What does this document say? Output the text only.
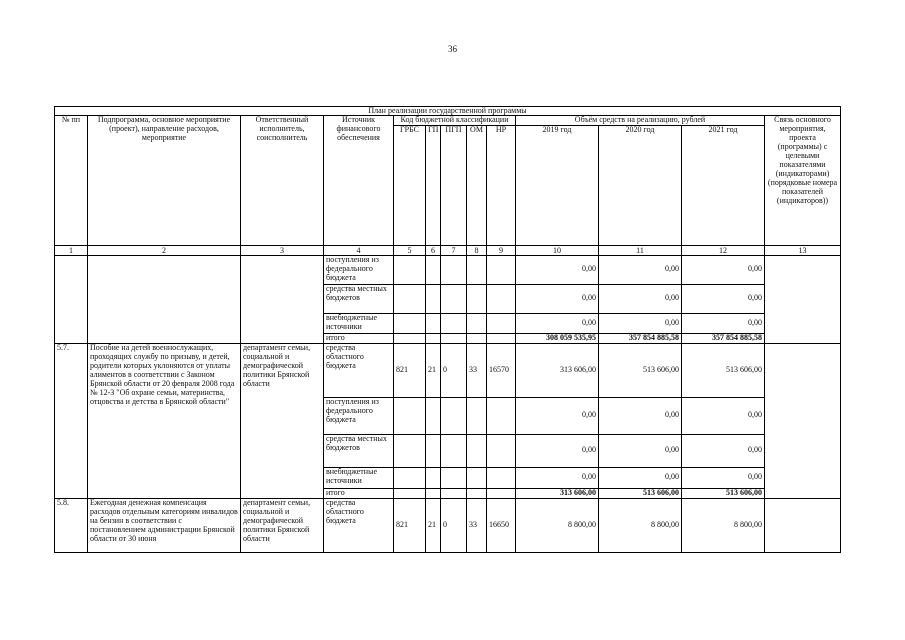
36
План реализации государственной программы												
№ пп	Подпрограмма, основное мероприятие (проект), направление расходов, мероприятие	Ответственный исполнитель, соисполнитель	Источник финансового обеспечения	Код бюджетной классификации					Объём средств на реализацию, рублей			Связь основного мероприятия, проекта (программы) с целевыми показателями (индикаторами) (порядковые номера показателей (индикаторов))
				ГРБС	ГП	ПГП	ОМ	НР	2019 год	2020 год	2021 год	
1	2	3	4	5	6	7	8	9	10	11	12	13
			поступления из федерального бюджета						0,00	0,00	0,00	
			средства местных бюджетов						0,00	0,00	0,00	
			внебюджетные источники						0,00	0,00	0,00	
			итого						308 059 535,95	357 854 885,58	357 854 885,58	
5.7.	Пособие на детей военнослужащих, проходящих службу по призыву, и детей, родители которых уклоняются от уплаты алиментов в соответствии с Законом Брянской области от 20 февраля 2008 года № 12-З "Об охране семьи, материнства, отцовства и детства в Брянской области"	департамент семьи, социальной и демографической политики Брянской области	средства областного бюджета	821	21	0	33	16570	313 606,00	513 606,00	513 606,00	
			поступления из федерального бюджета						0,00	0,00	0,00	
			средства местных бюджетов						0,00	0,00	0,00	
			внебюджетные источники						0,00	0,00	0,00	
			итого						313 606,00	513 606,00	513 606,00	
5.8.	Ежегодная денежная компенсация расходов отдельным категориям инвалидов на бензин в соответствии с постановлением администрации Брянской области от 30 июня	департамент семьи, социальной и демографической политики Брянской области	средства областного бюджета	821	21	0	33	16650	8 800,00	8 800,00	8 800,00	
